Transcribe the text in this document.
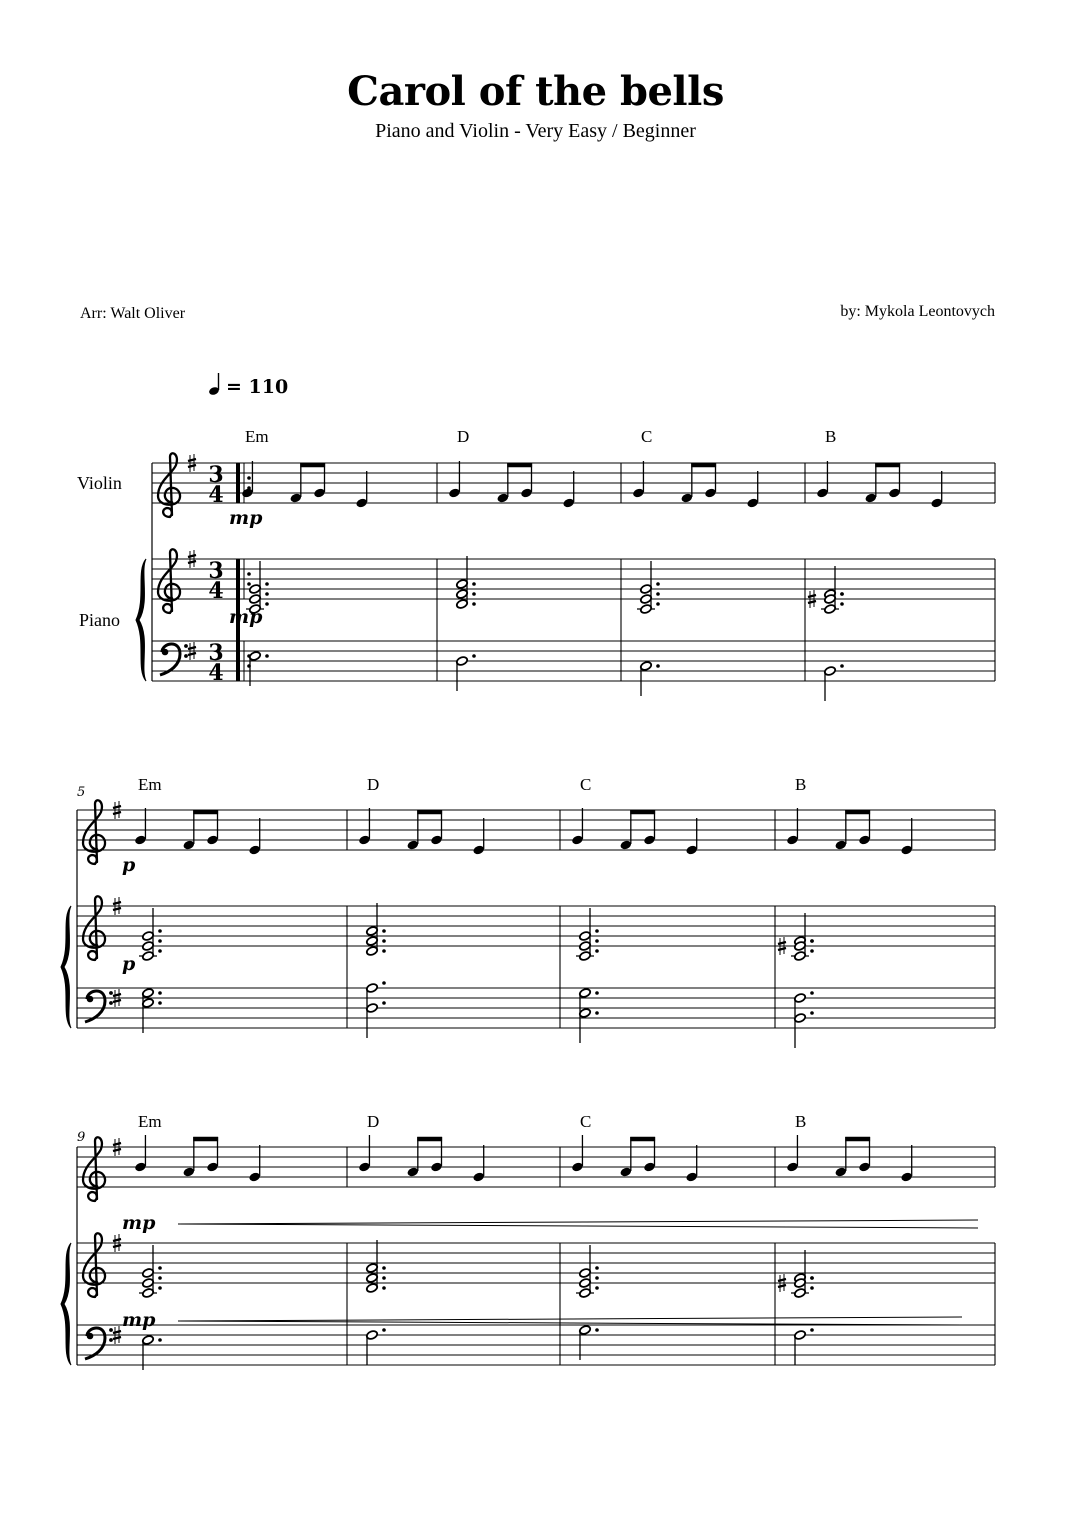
Carol of the bells
Piano and Violin - Very Easy / Beginner
Arr: Walt Oliver	by: Mykola Leontovych
= 110
Violin
Piano
3
4
3
4
3
4
Em	D	C	B
mp
mp
5	Em	D	C	B
p
p
9
Em	D	C	B
mp
mp
